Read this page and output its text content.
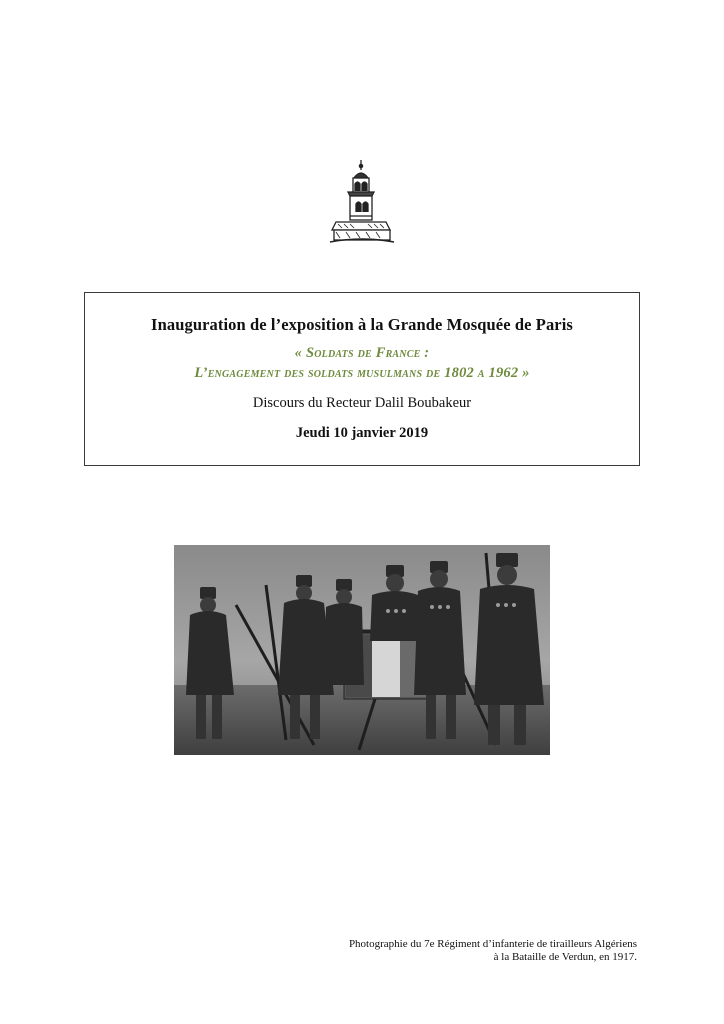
Inauguration de l’exposition à la Grande Mosquée de Paris
« Soldats de France :
L’engagement des soldats musulmans de 1802 a 1962 »
Discours du Recteur Dalil Boubakeur
Jeudi 10 janvier 2019
Photographie du 7e Régiment d’infanterie de tirailleurs Algériens
à la Bataille de Verdun, en 1917.
